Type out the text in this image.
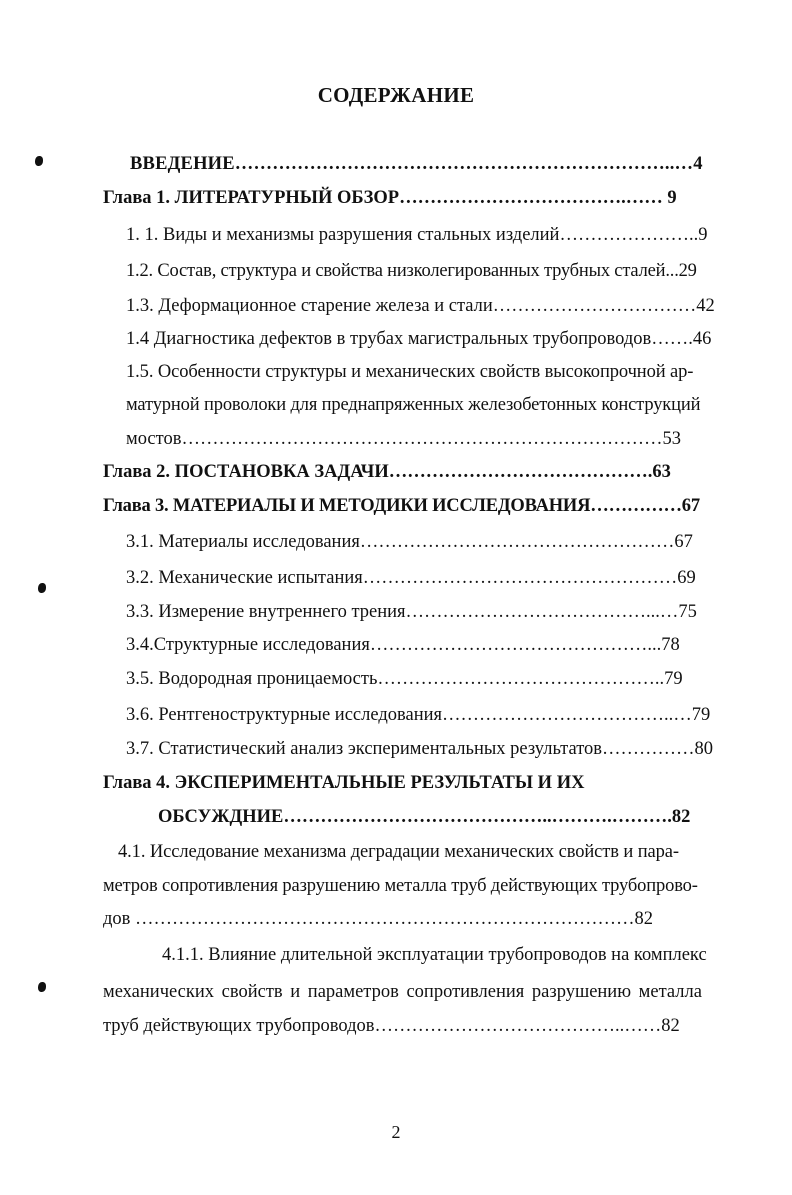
СОДЕРЖАНИЕ
ВВЕДЕНИЕ……………………………………………………………..…4
Глава 1. ЛИТЕРАТУРНЫЙ ОБЗОР……………………………….…… 9
1. 1. Виды и механизмы разрушения стальных изделий…………………..9
1.2. Состав, структура и свойства низколегированных трубных сталей...29
1.3. Деформационное старение железа и стали……………………………42
1.4 Диагностика дефектов в трубах магистральных трубопроводов…….46
1.5. Особенности структуры и механических свойств высокопрочной ар-
матурной проволоки для преднапряженных железобетонных конструкций
мостов……………………………………………………………………53
Глава 2. ПОСТАНОВКА ЗАДАЧИ…………………………………….63
Глава 3. МАТЕРИАЛЫ И МЕТОДИКИ ИССЛЕДОВАНИЯ……………67
3.1. Материалы исследования……………………………………………67
3.2. Механические испытания……………………………………………69
3.3. Измерение внутреннего трения…………………………………...…75
3.4.Структурные исследования………………………………………...78
3.5. Водородная проницаемость………………………………………..79
3.6. Рентгеноструктурные исследования………………………………..…79
3.7. Статистический анализ экспериментальных результатов……………80
Глава 4. ЭКСПЕРИМЕНТАЛЬНЫЕ РЕЗУЛЬТАТЫ И ИХ
ОБСУЖДНИЕ……………………………………..……….……….82
4.1. Исследование механизма деградации механических свойств и пара-
метров сопротивления разрушению металла труб действующих трубопрово-
дов ………………………………………………………………………82
4.1.1. Влияние длительной эксплуатации трубопроводов на комплекс
механических свойств и параметров сопротивления разрушению металла
труб действующих трубопроводов…………………………………..……82
2
